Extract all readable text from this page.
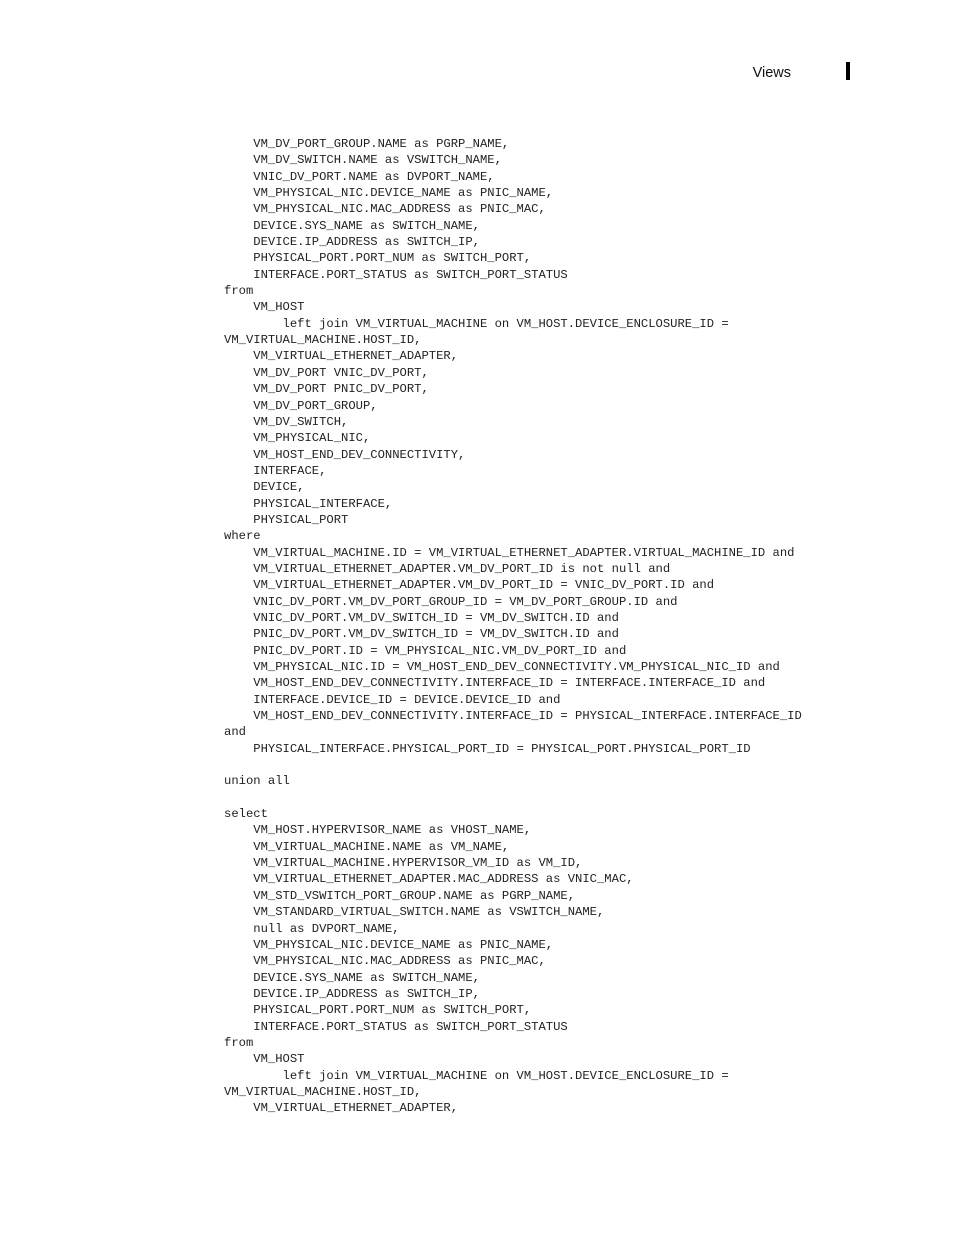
Views
VM_DV_PORT_GROUP.NAME as PGRP_NAME,
VM_DV_SWITCH.NAME as VSWITCH_NAME,
VNIC_DV_PORT.NAME as DVPORT_NAME,
VM_PHYSICAL_NIC.DEVICE_NAME as PNIC_NAME,
VM_PHYSICAL_NIC.MAC_ADDRESS as PNIC_MAC,
DEVICE.SYS_NAME as SWITCH_NAME,
DEVICE.IP_ADDRESS as SWITCH_IP,
PHYSICAL_PORT.PORT_NUM as SWITCH_PORT,
INTERFACE.PORT_STATUS as SWITCH_PORT_STATUS
from
VM_HOST
left join VM_VIRTUAL_MACHINE on VM_HOST.DEVICE_ENCLOSURE_ID =
VM_VIRTUAL_MACHINE.HOST_ID,
VM_VIRTUAL_ETHERNET_ADAPTER,
VM_DV_PORT VNIC_DV_PORT,
VM_DV_PORT PNIC_DV_PORT,
VM_DV_PORT_GROUP,
VM_DV_SWITCH,
VM_PHYSICAL_NIC,
VM_HOST_END_DEV_CONNECTIVITY,
INTERFACE,
DEVICE,
PHYSICAL_INTERFACE,
PHYSICAL_PORT
where
VM_VIRTUAL_MACHINE.ID = VM_VIRTUAL_ETHERNET_ADAPTER.VIRTUAL_MACHINE_ID and
VM_VIRTUAL_ETHERNET_ADAPTER.VM_DV_PORT_ID is not null and
VM_VIRTUAL_ETHERNET_ADAPTER.VM_DV_PORT_ID = VNIC_DV_PORT.ID and
VNIC_DV_PORT.VM_DV_PORT_GROUP_ID = VM_DV_PORT_GROUP.ID and
VNIC_DV_PORT.VM_DV_SWITCH_ID = VM_DV_SWITCH.ID and
PNIC_DV_PORT.VM_DV_SWITCH_ID = VM_DV_SWITCH.ID and
PNIC_DV_PORT.ID = VM_PHYSICAL_NIC.VM_DV_PORT_ID and
VM_PHYSICAL_NIC.ID = VM_HOST_END_DEV_CONNECTIVITY.VM_PHYSICAL_NIC_ID and
VM_HOST_END_DEV_CONNECTIVITY.INTERFACE_ID = INTERFACE.INTERFACE_ID and
INTERFACE.DEVICE_ID = DEVICE.DEVICE_ID and
VM_HOST_END_DEV_CONNECTIVITY.INTERFACE_ID = PHYSICAL_INTERFACE.INTERFACE_ID
and
PHYSICAL_INTERFACE.PHYSICAL_PORT_ID = PHYSICAL_PORT.PHYSICAL_PORT_ID
union all
select
VM_HOST.HYPERVISOR_NAME as VHOST_NAME,
VM_VIRTUAL_MACHINE.NAME as VM_NAME,
VM_VIRTUAL_MACHINE.HYPERVISOR_VM_ID as VM_ID,
VM_VIRTUAL_ETHERNET_ADAPTER.MAC_ADDRESS as VNIC_MAC,
VM_STD_VSWITCH_PORT_GROUP.NAME as PGRP_NAME,
VM_STANDARD_VIRTUAL_SWITCH.NAME as VSWITCH_NAME,
null as DVPORT_NAME,
VM_PHYSICAL_NIC.DEVICE_NAME as PNIC_NAME,
VM_PHYSICAL_NIC.MAC_ADDRESS as PNIC_MAC,
DEVICE.SYS_NAME as SWITCH_NAME,
DEVICE.IP_ADDRESS as SWITCH_IP,
PHYSICAL_PORT.PORT_NUM as SWITCH_PORT,
INTERFACE.PORT_STATUS as SWITCH_PORT_STATUS
from
VM_HOST
left join VM_VIRTUAL_MACHINE on VM_HOST.DEVICE_ENCLOSURE_ID =
VM_VIRTUAL_MACHINE.HOST_ID,
VM_VIRTUAL_ETHERNET_ADAPTER,
